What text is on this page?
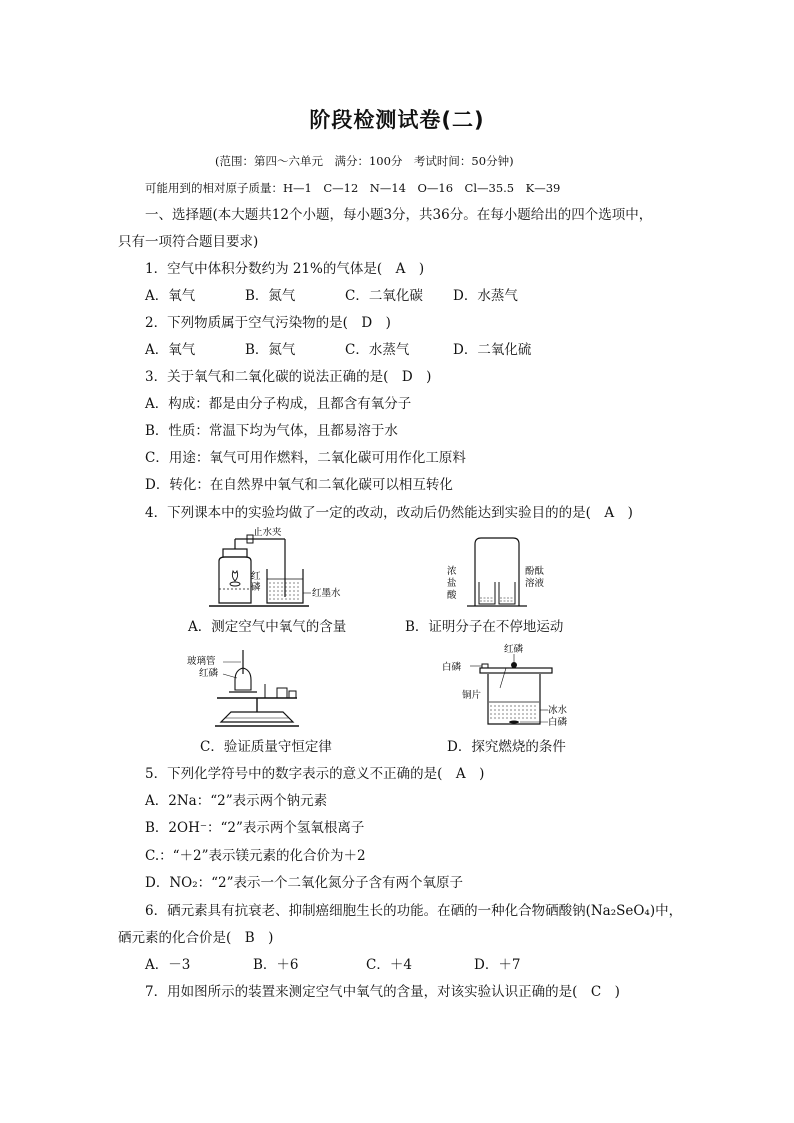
阶段检测试卷(二)
(范围：第四～六单元　满分：100分　考试时间：50分钟)
可能用到的相对原子质量：H—1　C—12　N—14　O—16　Cl—35.5　K—39
一、选择题(本大题共12个小题，每小题3分，共36分。在每小题给出的四个选项中，
只有一项符合题目要求)
1．空气中体积分数约为 21%的气体是(　A　)
A．氧气	B．氮气	C．二氧化碳 D．水蒸气
2．下列物质属于空气污染物的是(　D　)
A．氧气	B．氮气	C．水蒸气	D．二氧化硫
3．关于氧气和二氧化碳的说法正确的是(　D　)
A．构成：都是由分子构成，且都含有氧分子
B．性质：常温下均为气体，且都易溶于水
C．用途：氧气可用作燃料，二氧化碳可用作化工原料
D．转化：在自然界中氧气和二氧化碳可以相互转化
4．下列课本中的实验均做了一定的改动，改动后仍然能达到实验目的的是(　A　)
止水夹
红
磷
红墨水
A．测定空气中氧气的含量
浓
盐
酸
酚酞
溶液
B．证明分子在不停地运动
玻璃管
红磷
C．验证质量守恒定律
红磷
白磷
铜片
冰水
白磷
D．探究燃烧的条件
5．下列化学符号中的数字表示的意义不正确的是(　A　)
A．2Na：“2”表示两个钠元素
B．2OH⁻：“2”表示两个氢氧根离子
C.：“＋2”表示镁元素的化合价为＋2
D．NO₂：“2”表示一个二氧化氮分子含有两个氧原子
6．硒元素具有抗衰老、抑制癌细胞生长的功能。在硒的一种化合物硒酸钠(Na₂SeO₄)中，
硒元素的化合价是(　B　)
A．－3	B．＋6	C．＋4	D．＋7
7．用如图所示的装置来测定空气中氧气的含量，对该实验认识正确的是(　C　)
